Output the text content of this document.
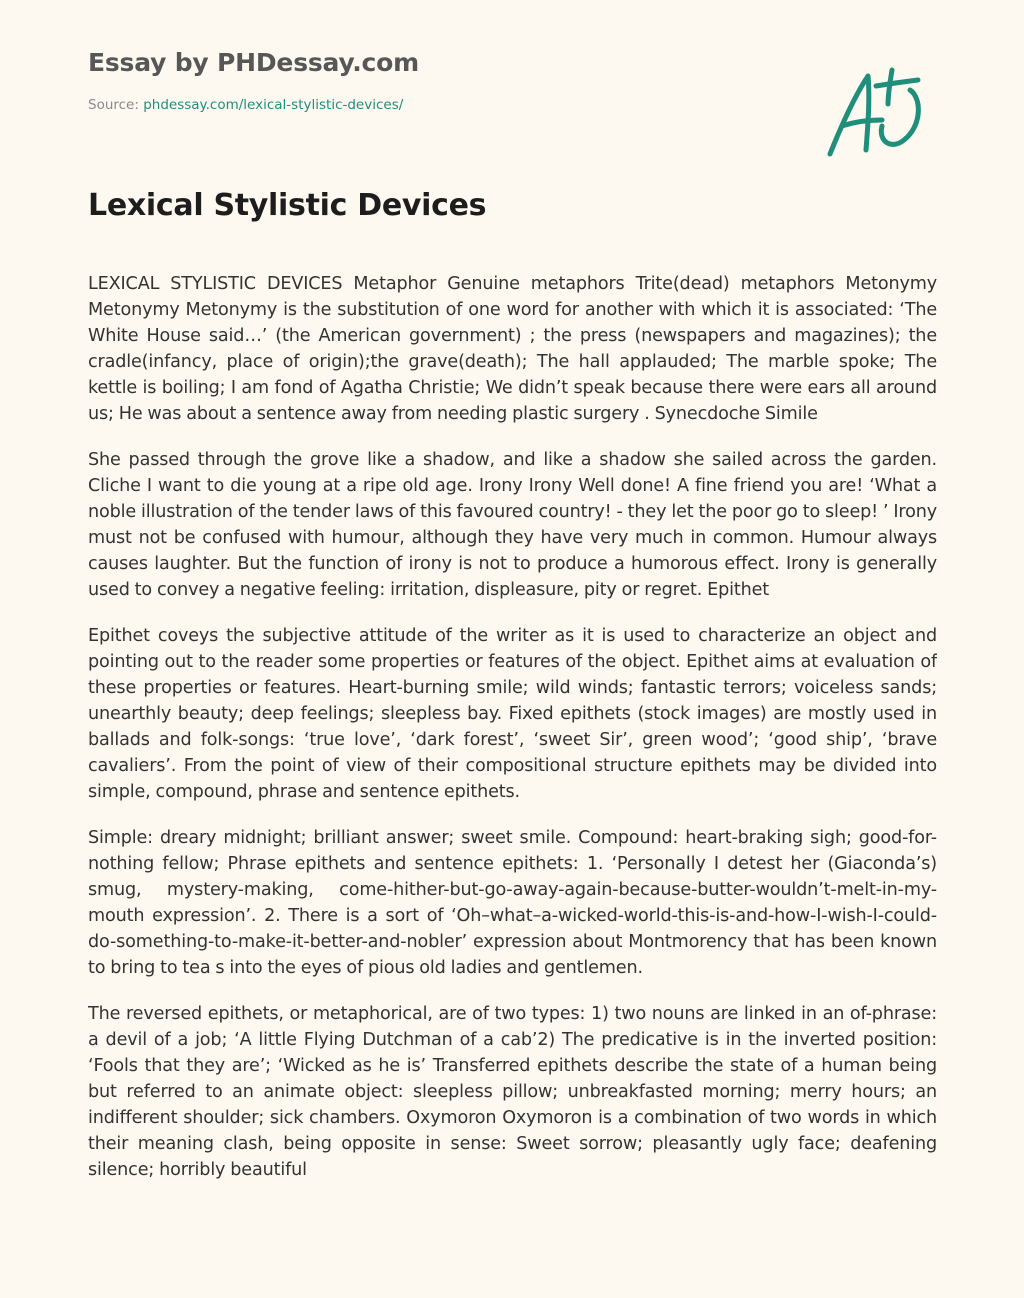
Essay by PHDessay.com
Source: phdessay.com/lexical-stylistic-devices/
Lexical Stylistic Devices

LEXICAL STYLISTIC DEVICES Metaphor Genuine metaphors Trite(dead) metaphors Metonymy Metonymy Metonymy is the substitution of one word for another with which it is associated: ‘The White House said…’ (the American government) ; the press (newspapers and magazines); the cradle(infancy, place of origin);the grave(death); The hall applauded; The marble spoke; The kettle is boiling; I am fond of Agatha Christie; We didn’t speak because there were ears all around us; He was about a sentence away from needing plastic surgery . Synecdoche Simile

She passed through the grove like a shadow, and like a shadow she sailed across the garden. Cliche I want to die young at a ripe old age. Irony Irony Well done! A fine friend you are! ‘What a noble illustration of the tender laws of this favoured country! - they let the poor go to sleep! ’ Irony must not be confused with humour, although they have very much in common. Humour always causes laughter. But the function of irony is not to produce a humorous effect. Irony is generally used to convey a negative feeling: irritation, displeasure, pity or regret. Epithet

Epithet coveys the subjective attitude of the writer as it is used to characterize an object and pointing out to the reader some properties or features of the object. Epithet aims at evaluation of these properties or features. Heart-burning smile; wild winds; fantastic terrors; voiceless sands; unearthly beauty; deep feelings; sleepless bay. Fixed epithets (stock images) are mostly used in ballads and folk-songs: ‘true love’, ‘dark forest’, ‘sweet Sir’, green wood’; ‘good ship’, ‘brave cavaliers’. From the point of view of their compositional structure epithets may be divided into simple, compound, phrase and sentence epithets.

Simple: dreary midnight; brilliant answer; sweet smile. Compound: heart-braking sigh; good-for-nothing fellow; Phrase epithets and sentence epithets: 1. ‘Personally I detest her (Giaconda’s) smug, mystery-making, come-hither-but-go-away-again-because-butter-wouldn’t-melt-in-my-mouth expression’. 2. There is a sort of ‘Oh–what–a-wicked-world-this-is-and-how-I-wish-I-could-do-something-to-make-it-better-and-nobler’ expression about Montmorency that has been known to bring to tea s into the eyes of pious old ladies and gentlemen.

The reversed epithets, or metaphorical, are of two types: 1) two nouns are linked in an of-phrase: a devil of a job; ‘A little Flying Dutchman of a cab’2) The predicative is in the inverted position: ‘Fools that they are’; ‘Wicked as he is’ Transferred epithets describe the state of a human being but referred to an animate object: sleepless pillow; unbreakfasted morning; merry hours; an indifferent shoulder; sick chambers. Oxymoron Oxymoron is a combination of two words in which their meaning clash, being opposite in sense: Sweet sorrow; pleasantly ugly face; deafening silence; horribly beautiful
